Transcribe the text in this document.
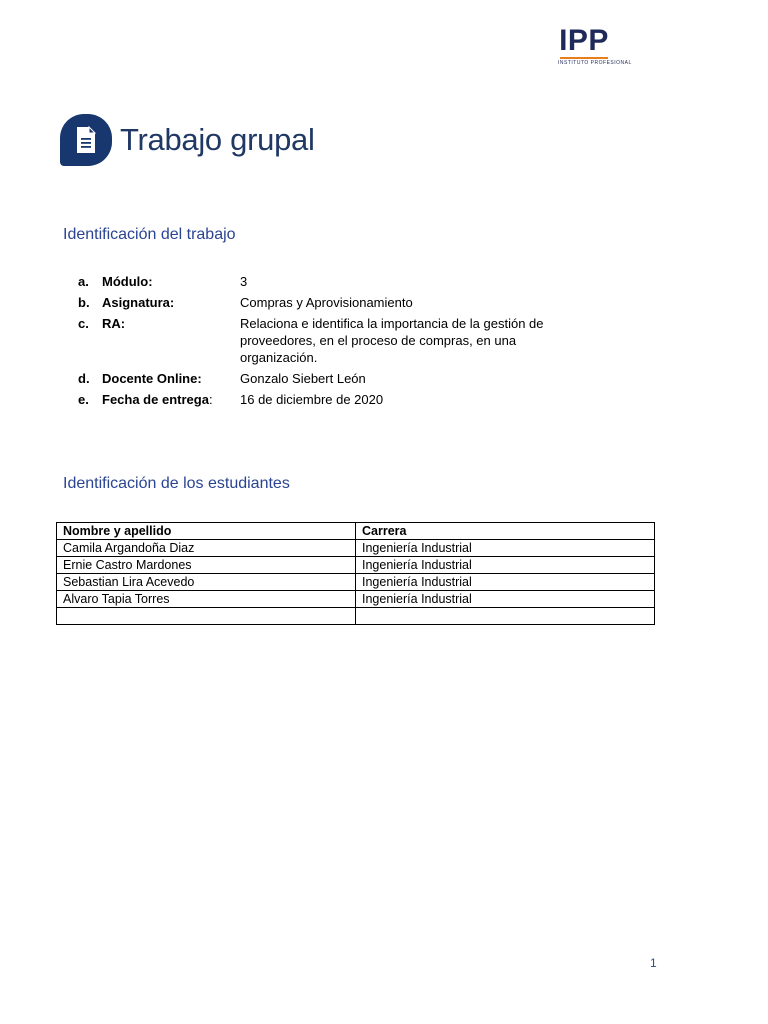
IPP
INSTITUTO PROFESIONAL
Trabajo grupal
Identificación del trabajo
a.	Módulo:	3
b. Asignatura:	Compras y Aprovisionamiento
c.	RA:	Relaciona e identifica la importancia de la gestión de proveedores, en el proceso de compras, en una organización.
d. Docente Online:	Gonzalo Siebert León
e.	Fecha de entrega:	16 de diciembre de 2020
Identificación de los estudiantes
Nombre y apellido	Carrera
Camila Argandoña Diaz	Ingeniería Industrial
Ernie Castro Mardones	Ingeniería Industrial
Sebastian Lira Acevedo	Ingeniería Industrial
Alvaro Tapia Torres	Ingeniería Industrial

1
